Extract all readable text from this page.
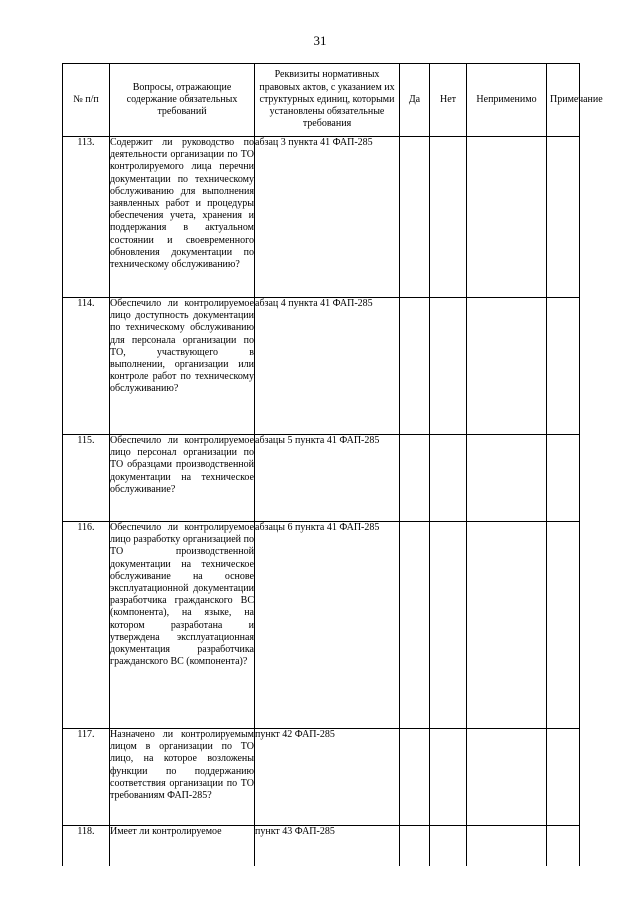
31
№ п/п	Вопросы, отражающие содержание обязательных требований	Реквизиты нормативных правовых актов, с указанием их структурных единиц, которыми установлены обязательные требования	Да	Нет	Неприменимо	Примечание
113.	Содержит ли руководство по деятельности организации по ТО контролируемого лица перечни документации по техническому обслуживанию для выполнения заявленных работ и процедуры обеспечения учета, хранения и поддержания в актуальном состоянии и своевременного обновления документации по техническому обслуживанию?	абзац 3 пункта 41 ФАП-285				
114.	Обеспечило ли контролируемое лицо доступность документации по техническому обслуживанию для персонала организации по ТО, участвующего в выполнении, организации или контроле работ по техническому обслуживанию?	абзац 4 пункта 41 ФАП-285				
115.	Обеспечило ли контролируемое лицо персонал организации по ТО образцами производственной документации на техническое обслуживание?	абзацы 5 пункта 41 ФАП-285				
116.	Обеспечило ли контролируемое лицо разработку организацией по ТО производственной документации на техническое обслуживание на основе эксплуатационной документации разработчика гражданского ВС (компонента), на языке, на котором разработана и утверждена эксплуатационная документация разработчика гражданского ВС (компонента)?	абзацы 6 пункта 41 ФАП-285				
117.	Назначено ли контролируемым лицом в организации по ТО лицо, на которое возложены функции по поддержанию соответствия организации по ТО требованиям ФАП-285?	пункт 42 ФАП-285				
118.	Имеет ли контролируемое	пункт 43 ФАП-285				
